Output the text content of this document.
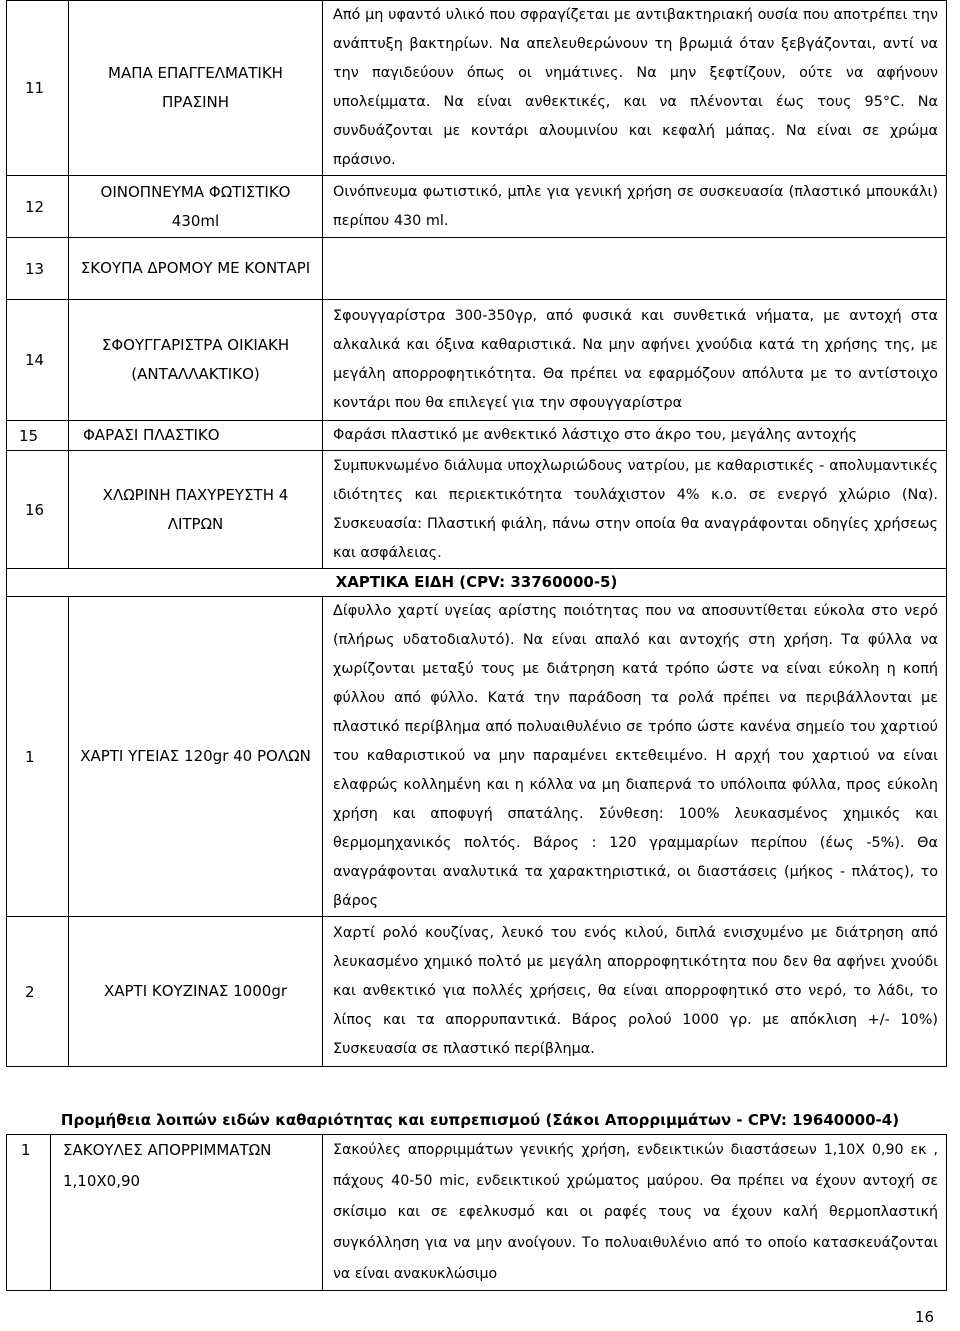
11	ΜΑΠΑ ΕΠΑΓΓΕΛΜΑΤΙΚΗ ΠΡΑΣΙΝΗ	Από μη υφαντό υλικό που σφραγίζεται με αντιβακτηριακή ουσία που αποτρέπει την ανάπτυξη βακτηρίων. Να απελευθερώνουν τη βρωμιά όταν ξεβγάζονται, αντί να την παγιδεύουν όπως οι νημάτινες. Να μην ξεφτίζουν, ούτε να αφήνουν υπολείμματα. Να είναι ανθεκτικές, και να πλένονται έως τους 95°C. Να συνδυάζονται με κοντάρι αλουμινίου και κεφαλή μάπας. Να είναι σε χρώμα πράσινο.
12	ΟΙΝΟΠΝΕΥΜΑ ΦΩΤΙΣΤΙΚΟ 430ml	Οινόπνευμα φωτιστικό, μπλε για γενική χρήση σε συσκευασία (πλαστικό μπουκάλι) περίπου 430 ml.
13	ΣΚΟΥΠΑ ΔΡΟΜΟΥ ΜΕ ΚΟΝΤΑΡΙ	
14	ΣΦΟΥΓΓΑΡΙΣΤΡΑ ΟΙΚΙΑΚΗ (ΑΝΤΑΛΛΑΚΤΙΚΟ)	Σφουγγαρίστρα 300-350γρ, από φυσικά και συνθετικά νήματα, με αντοχή στα αλκαλικά και όξινα καθαριστικά. Να μην αφήνει χνούδια κατά τη χρήσης της, με μεγάλη απορροφητικότητα. Θα πρέπει να εφαρμόζουν απόλυτα με το αντίστοιχο κοντάρι που θα επιλεγεί για την σφουγγαρίστρα
15	ΦΑΡΑΣΙ ΠΛΑΣΤΙΚΟ	Φαράσι πλαστικό με ανθεκτικό λάστιχο στο άκρο του, μεγάλης αντοχής
16	ΧΛΩΡΙΝΗ ΠΑΧΥΡΕΥΣΤΗ 4 ΛΙΤΡΩΝ	Συμπυκνωμένο διάλυμα υποχλωριώδους νατρίου, με καθαριστικές - απολυμαντικές ιδιότητες και περιεκτικότητα τουλάχιστον 4% κ.ο. σε ενεργό χλώριο (Να). Συσκευασία: Πλαστική φιάλη, πάνω στην οποία θα αναγράφονται οδηγίες χρήσεως και ασφάλειας.
ΧΑΡΤΙΚΑ ΕΙΔΗ (CPV: 33760000-5)		
1	ΧΑΡΤΙ ΥΓΕΙΑΣ 120gr 40 ΡΟΛΩΝ	Δίφυλλο χαρτί υγείας αρίστης ποιότητας που να αποσυντίθεται εύκολα στο νερό (πλήρως υδατοδιαλυτό). Να είναι απαλό και αντοχής στη χρήση. Τα φύλλα να χωρίζονται μεταξύ τους με διάτρηση κατά τρόπο ώστε να είναι εύκολη η κοπή φύλλου από φύλλο. Κατά την παράδοση τα ρολά πρέπει να περιβάλλονται με πλαστικό περίβλημα από πολυαιθυλένιο σε τρόπο ώστε κανένα σημείο του χαρτιού του καθαριστικού να μην παραμένει εκτεθειμένο. Η αρχή του χαρτιού να είναι ελαφρώς κολλημένη και η κόλλα να μη διαπερνά το υπόλοιπα φύλλα, προς εύκολη χρήση και αποφυγή σπατάλης. Σύνθεση: 100% λευκασμένος χημικός και θερμομηχανικός πολτός. Βάρος : 120 γραμμαρίων περίπου (έως -5%). Θα αναγράφονται αναλυτικά τα χαρακτηριστικά, οι διαστάσεις (μήκος - πλάτος), το βάρος
2	ΧΑΡΤΙ ΚΟΥΖΙΝΑΣ 1000gr	Χαρτί ρολό κουζίνας, λευκό του ενός κιλού, διπλά ενισχυμένο με διάτρηση από λευκασμένο χημικό πολτό με μεγάλη απορροφητικότητα που δεν θα αφήνει χνούδι και ανθεκτικό για πολλές χρήσεις, θα είναι απορροφητικό στο νερό, το λάδι, το λίπος και τα απορρυπαντικά. Βάρος ρολού 1000 γρ. με απόκλιση +/- 10%) Συσκευασία σε πλαστικό περίβλημα.
Προμήθεια λοιπών ειδών καθαριότητας και ευπρεπισμού (Σάκοι Απορριμμάτων - CPV: 19640000-4)
1	ΣΑΚΟΥΛΕΣ ΑΠΟΡΡΙΜΜΑΤΩΝ 1,10Χ0,90	Σακούλες απορριμμάτων γενικής χρήση, ενδεικτικών διαστάσεων 1,10Χ 0,90 εκ , πάχους 40-50 mic, ενδεικτικού χρώματος μαύρου. Θα πρέπει να έχουν αντοχή σε σκίσιμο και σε εφελκυσμό και οι ραφές τους να έχουν καλή θερμοπλαστική συγκόλληση για να μην ανοίγουν. Το πολυαιθυλένιο από το οποίο κατασκευάζονται να είναι ανακυκλώσιμο
16
